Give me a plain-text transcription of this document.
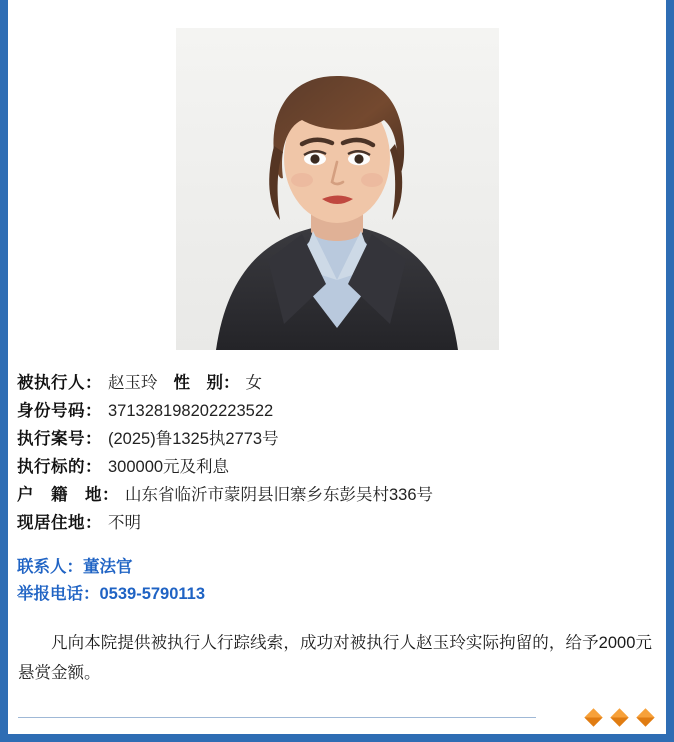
被执行人 ： 赵玉玲 性　别： 女
身份号码 ： 371328198202223522
执行案号 ： (2025)鲁1325执2773号
执行标的 ： 300000元及利息
户　籍　地 ： 山东省临沂市蒙阴县旧寨乡东彭吴村336号
现居住地 ： 不明
联系人：董法官
举报电话：0539-5790113
凡向本院提供被执行人行踪线索，成功对被执行人赵玉玲实际拘留的，给予2000元悬赏金额。
